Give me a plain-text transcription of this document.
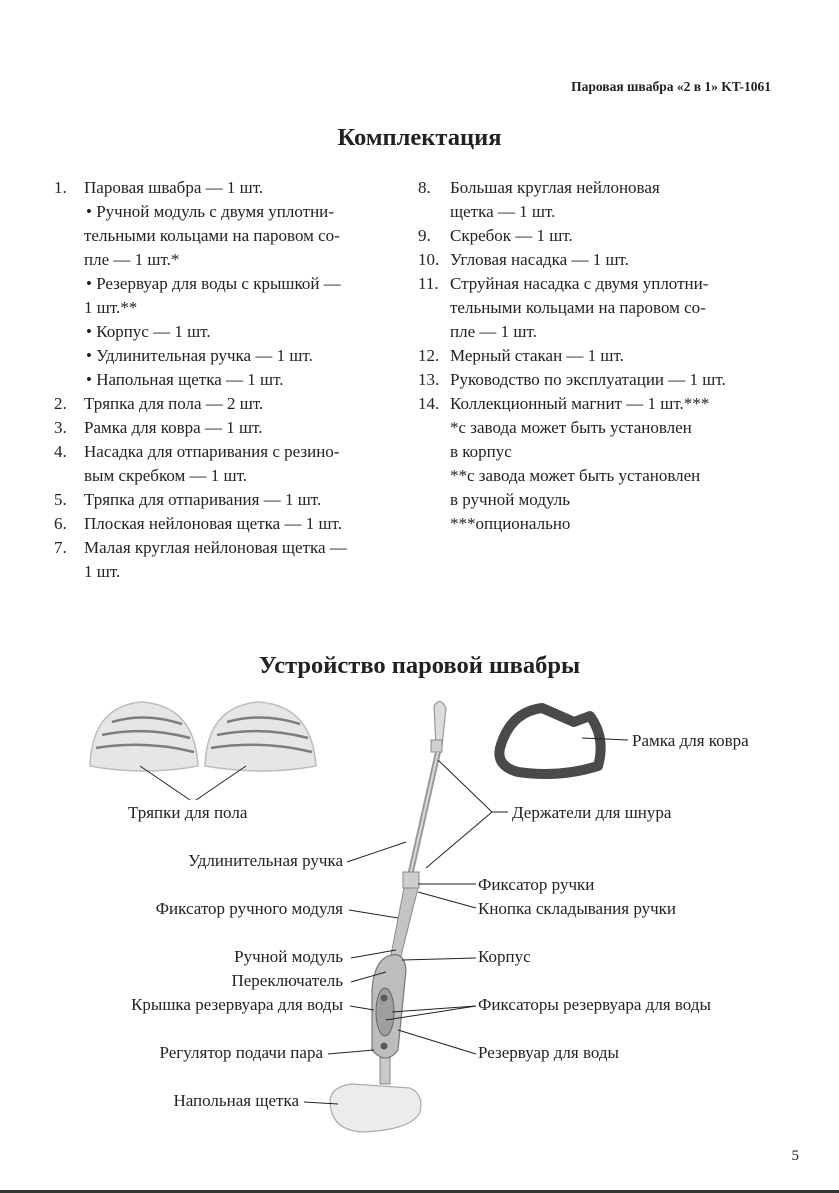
Паровая швабра «2 в 1» KT-1061
Комплектация
1. Паровая швабра — 1 шт.
• Ручной модуль с двумя уплотни-
тельными кольцами на паровом со-
пле — 1 шт.*
• Резервуар для воды с крышкой —
1 шт.**
• Корпус — 1 шт.
• Удлинительная ручка — 1 шт.
• Напольная щетка — 1 шт.
2. Тряпка для пола — 2 шт.
3. Рамка для ковра — 1 шт.
4. Насадка для отпаривания с резино-
вым скребком — 1 шт.
5. Тряпка для отпаривания — 1 шт.
6. Плоская нейлоновая щетка — 1 шт.
7. Малая круглая нейлоновая щетка —
1 шт.
8. Большая круглая нейлоновая
щетка — 1 шт.
9. Скребок — 1 шт.
10. Угловая насадка — 1 шт.
11. Струйная насадка с двумя уплотни-
тельными кольцами на паровом со-
пле — 1 шт.
12. Мерный стакан — 1 шт.
13. Руководство по эксплуатации — 1 шт.
14. Коллекционный магнит — 1 шт.***
*с завода может быть установлен
в корпус
**с завода может быть установлен
в ручной модуль
***опционально
Устройство паровой швабры
Тряпки для пола
Рамка для ковра
Держатели для шнура
Удлинительная ручка
Фиксатор ручки
Фиксатор ручного модуля	Кнопка складывания ручки
Ручной модуль	Корпус
Переключатель
Крышка резервуара для воды	Фиксаторы резервуара для воды
Регулятор подачи пара	Резервуар для воды
Напольная щетка
5
